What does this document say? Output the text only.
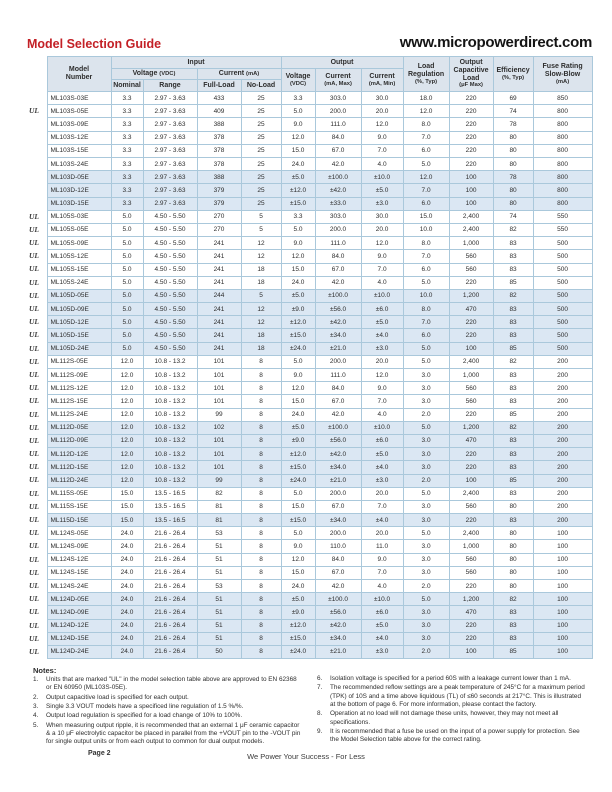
Model Selection Guide	www.micropowerdirect.com

	Model Number	Input				Output			Load Regulation
(%, Typ)	Output Capacitive Load
(μF Max)	Efficiency
(%, Typ)	Fuse Rating Slow-Blow
(mA)

		Voltage (VDC)		Current (mA)		Voltage
(VDC)	Current
(mA, Max)	Current
(mA, Min)				

		Nominal	Range	Full-Load	No-Load							
	ML103S-03E	3.3	2.97 - 3.63	433	25	3.3	303.0	30.0	18.0	220	69	850
UL	ML103S-05E	3.3	2.97 - 3.63	409	25	5.0	200.0	20.0	12.0	220	74	800
	ML103S-09E	3.3	2.97 - 3.63	388	25	9.0	111.0	12.0	8.0	220	78	800
	ML103S-12E	3.3	2.97 - 3.63	378	25	12.0	84.0	9.0	7.0	220	80	800
	ML103S-15E	3.3	2.97 - 3.63	378	25	15.0	67.0	7.0	6.0	220	80	800
	ML103S-24E	3.3	2.97 - 3.63	378	25	24.0	42.0	4.0	5.0	220	80	800
	ML103D-05E	3.3	2.97 - 3.63	388	25	±5.0	±100.0	±10.0	12.0	100	78	800
	ML103D-12E	3.3	2.97 - 3.63	379	25	±12.0	±42.0	±5.0	7.0	100	80	800
	ML103D-15E	3.3	2.97 - 3.63	379	25	±15.0	±33.0	±3.0	6.0	100	80	800
UL	ML105S-03E	5.0	4.50 - 5.50	270	5	3.3	303.0	30.0	15.0	2,400	74	550
UL	ML105S-05E	5.0	4.50 - 5.50	270	5	5.0	200.0	20.0	10.0	2,400	82	550
UL	ML105S-09E	5.0	4.50 - 5.50	241	12	9.0	111.0	12.0	8.0	1,000	83	500
UL	ML105S-12E	5.0	4.50 - 5.50	241	12	12.0	84.0	9.0	7.0	560	83	500
UL	ML105S-15E	5.0	4.50 - 5.50	241	18	15.0	67.0	7.0	6.0	560	83	500
UL	ML105S-24E	5.0	4.50 - 5.50	241	18	24.0	42.0	4.0	5.0	220	85	500
UL	ML105D-05E	5.0	4.50 - 5.50	244	5	±5.0	±100.0	±10.0	10.0	1,200	82	500
UL	ML105D-09E	5.0	4.50 - 5.50	241	12	±9.0	±56.0	±6.0	8.0	470	83	500
UL	ML105D-12E	5.0	4.50 - 5.50	241	12	±12.0	±42.0	±5.0	7.0	220	83	500
UL	ML105D-15E	5.0	4.50 - 5.50	241	18	±15.0	±34.0	±4.0	6.0	220	83	500
UL	ML105D-24E	5.0	4.50 - 5.50	241	18	±24.0	±21.0	±3.0	5.0	100	85	500
UL	ML112S-05E	12.0	10.8 - 13.2	101	8	5.0	200.0	20.0	5.0	2,400	82	200
UL	ML112S-09E	12.0	10.8 - 13.2	101	8	9.0	111.0	12.0	3.0	1,000	83	200
UL	ML112S-12E	12.0	10.8 - 13.2	101	8	12.0	84.0	9.0	3.0	560	83	200
UL	ML112S-15E	12.0	10.8 - 13.2	101	8	15.0	67.0	7.0	3.0	560	83	200
UL	ML112S-24E	12.0	10.8 - 13.2	99	8	24.0	42.0	4.0	2.0	220	85	200
UL	ML112D-05E	12.0	10.8 - 13.2	102	8	±5.0	±100.0	±10.0	5.0	1,200	82	200
UL	ML112D-09E	12.0	10.8 - 13.2	101	8	±9.0	±56.0	±6.0	3.0	470	83	200
UL	ML112D-12E	12.0	10.8 - 13.2	101	8	±12.0	±42.0	±5.0	3.0	220	83	200
UL	ML112D-15E	12.0	10.8 - 13.2	101	8	±15.0	±34.0	±4.0	3.0	220	83	200
UL	ML112D-24E	12.0	10.8 - 13.2	99	8	±24.0	±21.0	±3.0	2.0	100	85	200
UL	ML115S-05E	15.0	13.5 - 16.5	82	8	5.0	200.0	20.0	5.0	2,400	83	200
UL	ML115S-15E	15.0	13.5 - 16.5	81	8	15.0	67.0	7.0	3.0	560	80	200
UL	ML115D-15E	15.0	13.5 - 16.5	81	8	±15.0	±34.0	±4.0	3.0	220	83	200
UL	ML124S-05E	24.0	21.6 - 26.4	53	8	5.0	200.0	20.0	5.0	2,400	80	100
UL	ML124S-09E	24.0	21.6 - 26.4	51	8	9.0	110.0	11.0	3.0	1,000	80	100
UL	ML124S-12E	24.0	21.6 - 26.4	51	8	12.0	84.0	9.0	3.0	560	80	100
UL	ML124S-15E	24.0	21.6 - 26.4	51	8	15.0	67.0	7.0	3.0	560	80	100
UL	ML124S-24E	24.0	21.6 - 26.4	53	8	24.0	42.0	4.0	2.0	220	80	100
UL	ML124D-05E	24.0	21.6 - 26.4	51	8	±5.0	±100.0	±10.0	5.0	1,200	82	100
UL	ML124D-09E	24.0	21.6 - 26.4	51	8	±9.0	±56.0	±6.0	3.0	470	83	100
UL	ML124D-12E	24.0	21.6 - 26.4	51	8	±12.0	±42.0	±5.0	3.0	220	83	100
UL	ML124D-15E	24.0	21.6 - 26.4	51	8	±15.0	±34.0	±4.0	3.0	220	83	100
UL	ML124D-24E	24.0	21.6 - 26.4	50	8	±24.0	±21.0	±3.0	2.0	100	85	100
Notes:
1.	Units that are marked "UL" in the model selection table above are approved to EN 62368 or EN 60950 (ML103S-05E).
2.	Output capacitive load is specified for each output.
3.	Single 3.3 VOUT models have a specificed line regulation of 1.5 %/%.
4.	Output load regulation is specified for a load change of 10% to 100%.
5.	When measuring output ripple, it is recommended that an external 1 μF ceramic capacitor & a 10 μF electrolytic capacitor be placed in parallel from the +VOUT pin to the -VOUT pin for single output units or from each output to common for dual output models.
6.	Isolation voltage is specified for a period 60S with a leakage current lower than 1 mA.
7.	The recommended reflow settings are a peak temperature of 245°C for a maximum period (TPK) of 10S and a time above liquidous (TL) of ≤60 seconds at 217°C. This is illustrated at the bottom of page 6. For more information, please contact the factory.
8.	Operation at no load will not damage these units, however, they may not meet all specifications.
9.	It is recommended that a fuse be used on the input of a power supply for protection. See the Model Selection table above for the correct rating.
Page 2	We Power Your Success - For Less
